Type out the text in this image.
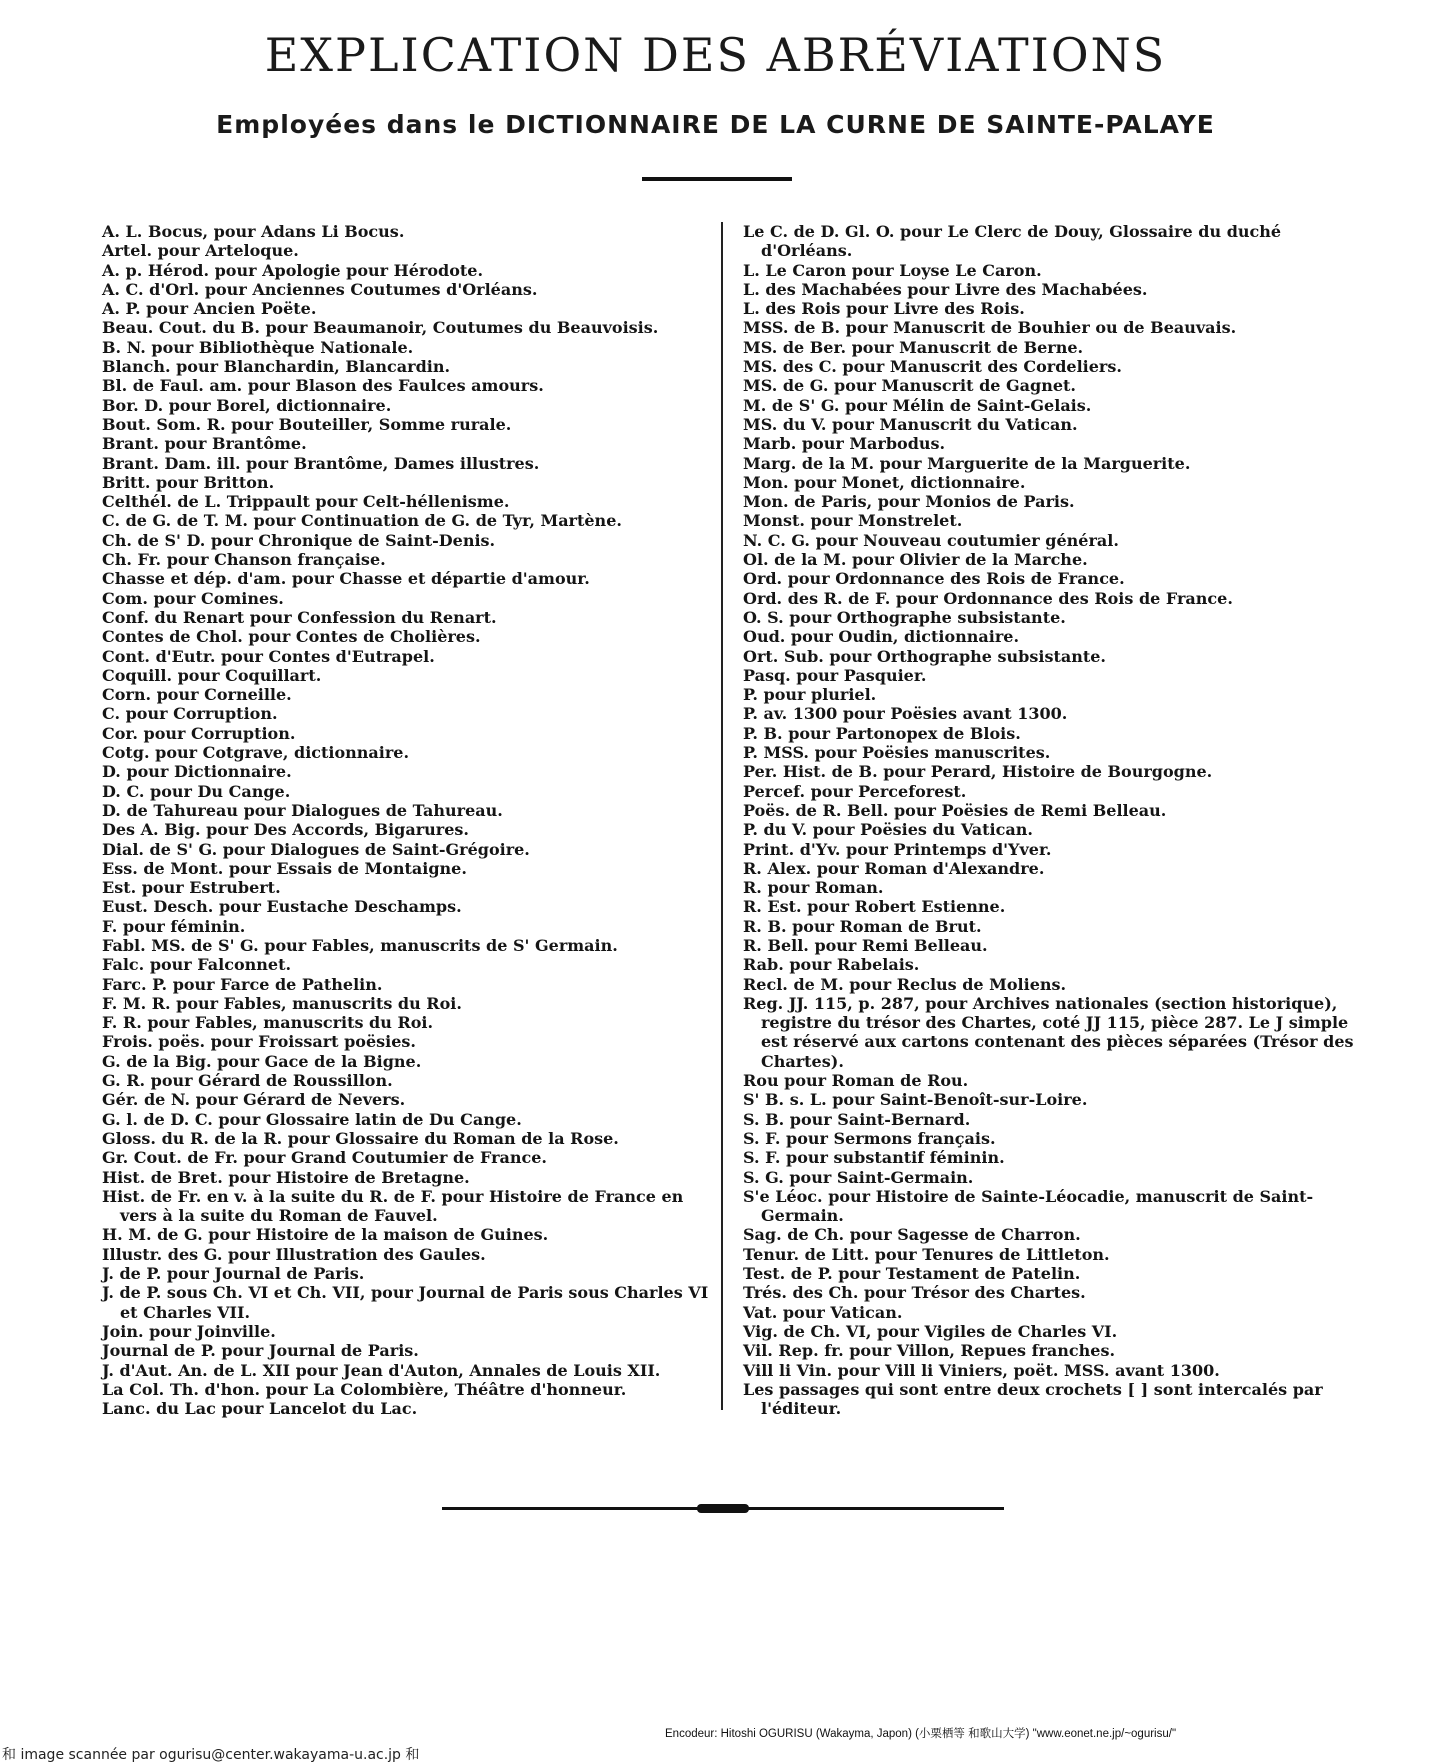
EXPLICATION DES ABRÉVIATIONS
Employées dans le DICTIONNAIRE DE LA CURNE DE SAINTE-PALAYE

A. L. Bocus, pour Adans Li Bocus.

Artel. pour Arteloque.

A. p. Hérod. pour Apologie pour Hérodote.

A. C. d'Orl. pour Anciennes Coutumes d'Orléans.

A. P. pour Ancien Poëte.

Beau. Cout. du B. pour Beaumanoir, Coutumes du Beauvoisis.

B. N. pour Bibliothèque Nationale.

Blanch. pour Blanchardin, Blancardin.

Bl. de Faul. am. pour Blason des Faulces amours.

Bor. D. pour Borel, dictionnaire.

Bout. Som. R. pour Bouteiller, Somme rurale.

Brant. pour Brantôme.

Brant. Dam. ill. pour Brantôme, Dames illustres.

Britt. pour Britton.

Celthél. de L. Trippault pour Celt-héllenisme.

C. de G. de T. M. pour Continuation de G. de Tyr, Martène.

Ch. de S' D. pour Chronique de Saint-Denis.

Ch. Fr. pour Chanson française.

Chasse et dép. d'am. pour Chasse et départie d'amour.

Com. pour Comines.

Conf. du Renart pour Confession du Renart.

Contes de Chol. pour Contes de Cholières.

Cont. d'Eutr. pour Contes d'Eutrapel.

Coquill. pour Coquillart.

Corn. pour Corneille.

C. pour Corruption.

Cor. pour Corruption.

Cotg. pour Cotgrave, dictionnaire.

D. pour Dictionnaire.

D. C. pour Du Cange.

D. de Tahureau pour Dialogues de Tahureau.

Des A. Big. pour Des Accords, Bigarures.

Dial. de S' G. pour Dialogues de Saint-Grégoire.

Ess. de Mont. pour Essais de Montaigne.

Est. pour Estrubert.

Eust. Desch. pour Eustache Deschamps.

F. pour féminin.

Fabl. MS. de S' G. pour Fables, manuscrits de S' Germain.

Falc. pour Falconnet.

Farc. P. pour Farce de Pathelin.

F. M. R. pour Fables, manuscrits du Roi.

F. R. pour Fables, manuscrits du Roi.

Frois. poës. pour Froissart poësies.

G. de la Big. pour Gace de la Bigne.

G. R. pour Gérard de Roussillon.

Gér. de N. pour Gérard de Nevers.

G. l. de D. C. pour Glossaire latin de Du Cange.

Gloss. du R. de la R. pour Glossaire du Roman de la Rose.

Gr. Cout. de Fr. pour Grand Coutumier de France.

Hist. de Bret. pour Histoire de Bretagne.

Hist. de Fr. en v. à la suite du R. de F. pour Histoire de France en vers à la suite du Roman de Fauvel.

H. M. de G. pour Histoire de la maison de Guines.

Illustr. des G. pour Illustration des Gaules.

J. de P. pour Journal de Paris.

J. de P. sous Ch. VI et Ch. VII, pour Journal de Paris sous Charles VI et Charles VII.

Join. pour Joinville.

Journal de P. pour Journal de Paris.

J. d'Aut. An. de L. XII pour Jean d'Auton, Annales de Louis XII.

La Col. Th. d'hon. pour La Colombière, Théâtre d'honneur.

Lanc. du Lac pour Lancelot du Lac.

Le C. de D. Gl. O. pour Le Clerc de Douy, Glossaire du duché d'Orléans.

L. Le Caron pour Loyse Le Caron.

L. des Machabées pour Livre des Machabées.

L. des Rois pour Livre des Rois.

MSS. de B. pour Manuscrit de Bouhier ou de Beauvais.

MS. de Ber. pour Manuscrit de Berne.

MS. des C. pour Manuscrit des Cordeliers.

MS. de G. pour Manuscrit de Gagnet.

M. de S' G. pour Mélin de Saint-Gelais.

MS. du V. pour Manuscrit du Vatican.

Marb. pour Marbodus.

Marg. de la M. pour Marguerite de la Marguerite.

Mon. pour Monet, dictionnaire.

Mon. de Paris, pour Monios de Paris.

Monst. pour Monstrelet.

N. C. G. pour Nouveau coutumier général.

Ol. de la M. pour Olivier de la Marche.

Ord. pour Ordonnance des Rois de France.

Ord. des R. de F. pour Ordonnance des Rois de France.

O. S. pour Orthographe subsistante.

Oud. pour Oudin, dictionnaire.

Ort. Sub. pour Orthographe subsistante.

Pasq. pour Pasquier.

P. pour pluriel.

P. av. 1300 pour Poësies avant 1300.

P. B. pour Partonopex de Blois.

P. MSS. pour Poësies manuscrites.

Per. Hist. de B. pour Perard, Histoire de Bourgogne.

Percef. pour Perceforest.

Poës. de R. Bell. pour Poësies de Remi Belleau.

P. du V. pour Poësies du Vatican.

Print. d'Yv. pour Printemps d'Yver.

R. Alex. pour Roman d'Alexandre.

R. pour Roman.

R. Est. pour Robert Estienne.

R. B. pour Roman de Brut.

R. Bell. pour Remi Belleau.

Rab. pour Rabelais.

Recl. de M. pour Reclus de Moliens.

Reg. JJ. 115, p. 287, pour Archives nationales (section historique), registre du trésor des Chartes, coté JJ 115, pièce 287. Le J simple est réservé aux cartons contenant des pièces séparées (Trésor des Chartes).

Rou pour Roman de Rou.

S' B. s. L. pour Saint-Benoît-sur-Loire.

S. B. pour Saint-Bernard.

S. F. pour Sermons français.

S. F. pour substantif féminin.

S. G. pour Saint-Germain.

S'e Léoc. pour Histoire de Sainte-Léocadie, manuscrit de Saint-Germain.

Sag. de Ch. pour Sagesse de Charron.

Tenur. de Litt. pour Tenures de Littleton.

Test. de P. pour Testament de Patelin.

Trés. des Ch. pour Trésor des Chartes.

Vat. pour Vatican.

Vig. de Ch. VI, pour Vigiles de Charles VI.

Vil. Rep. fr. pour Villon, Repues franches.

Vill li Vin. pour Vill li Viniers, poët. MSS. avant 1300.

Les passages qui sont entre deux crochets [ ] sont intercalés par l'éditeur.

Encodeur: Hitoshi OGURISU (Wakayma, Japon) (小栗栖等 和歌山大学) "www.eonet.ne.jp/~ogurisu/"
和 image scannée par ogurisu@center.wakayama-u.ac.jp 和
